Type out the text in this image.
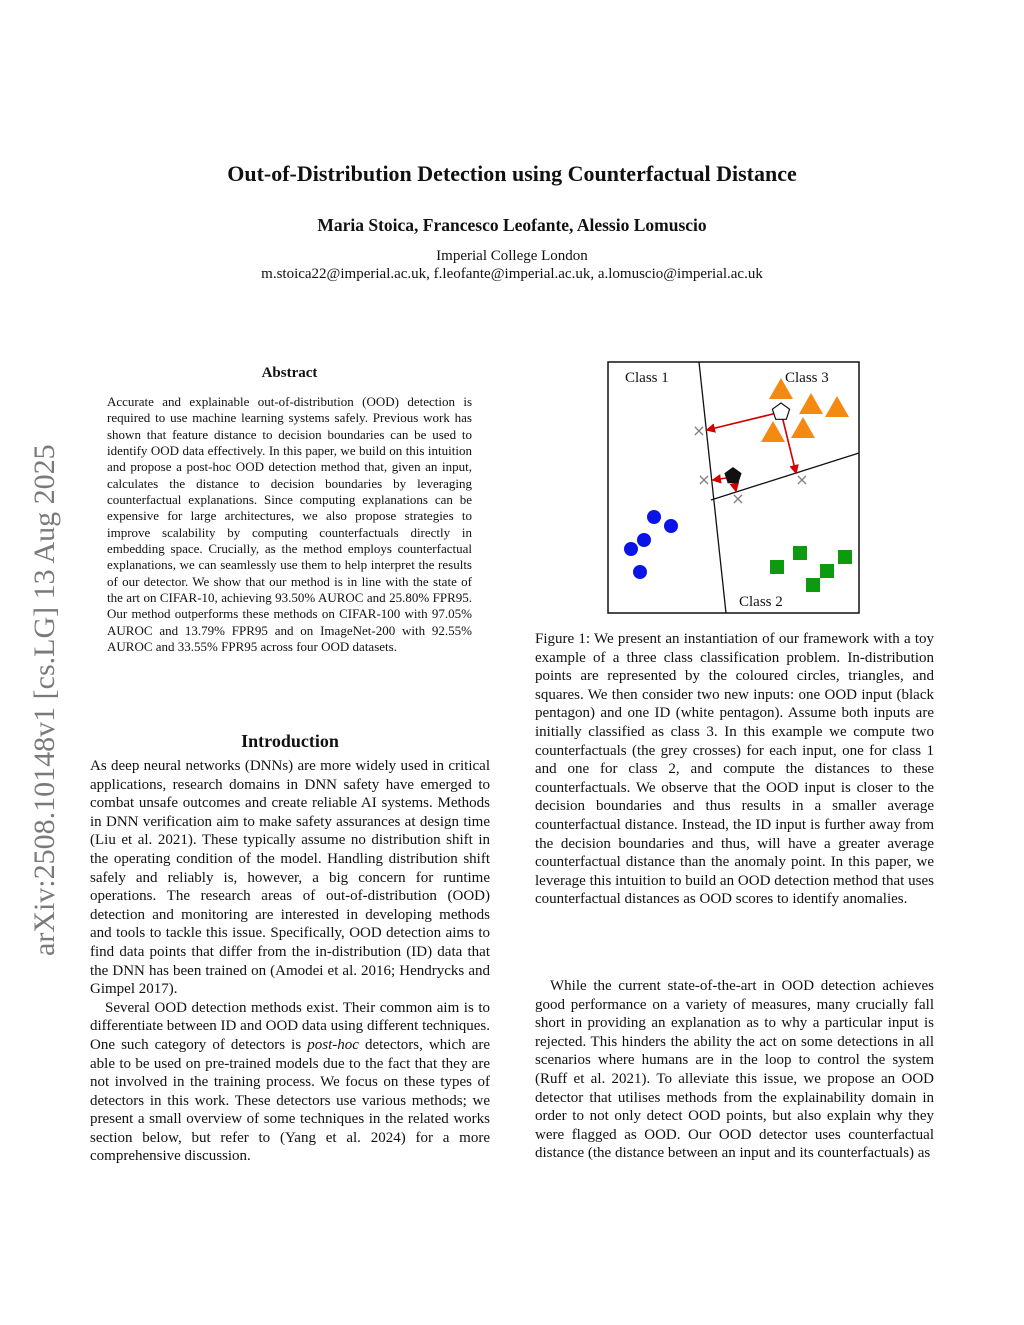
Out-of-Distribution Detection using Counterfactual Distance
Maria Stoica, Francesco Leofante, Alessio Lomuscio
Imperial College London
m.stoica22@imperial.ac.uk, f.leofante@imperial.ac.uk, a.lomuscio@imperial.ac.uk
arXiv:2508.10148v1 [cs.LG] 13 Aug 2025
Abstract
Accurate and explainable out-of-distribution (OOD) detection is required to use machine learning systems safely. Previous work has shown that feature distance to decision boundaries can be used to identify OOD data effectively. In this paper, we build on this intuition and propose a post-hoc OOD detection method that, given an input, calculates the distance to decision boundaries by leveraging counterfactual explanations. Since computing explanations can be expensive for large architectures, we also propose strategies to improve scalability by computing counterfactuals directly in embedding space. Crucially, as the method employs counterfactual explanations, we can seamlessly use them to help interpret the results of our detector. We show that our method is in line with the state of the art on CIFAR-10, achieving 93.50% AUROC and 25.80% FPR95. Our method outperforms these methods on CIFAR-100 with 97.05% AUROC and 13.79% FPR95 and on ImageNet-200 with 92.55% AUROC and 33.55% FPR95 across four OOD datasets.
Introduction

As deep neural networks (DNNs) are more widely used in critical applications, research domains in DNN safety have emerged to combat unsafe outcomes and create reliable AI systems. Methods in DNN verification aim to make safety assurances at design time (Liu et al. 2021). These typically assume no distribution shift in the operating condition of the model. Handling distribution shift safely and reliably is, however, a big concern for runtime operations. The research areas of out-of-distribution (OOD) detection and monitoring are interested in developing methods and tools to tackle this issue. Specifically, OOD detection aims to find data points that differ from the in-distribution (ID) data that the DNN has been trained on (Amodei et al. 2016; Hendrycks and Gimpel 2017).

Several OOD detection methods exist. Their common aim is to differentiate between ID and OOD data using different techniques. One such category of detectors is post-hoc detectors, which are able to be used on pre-trained models due to the fact that they are not involved in the training process. We focus on these types of detectors in this work. These detectors use various methods; we present a small overview of some techniques in the related works section below, but refer to (Yang et al. 2024) for a more comprehensive discussion.

Class 1	Class 3
Class 2
×
×
×
×
Figure 1: We present an instantiation of our framework with a toy example of a three class classification problem. In-distribution points are represented by the coloured circles, triangles, and squares. We then consider two new inputs: one OOD input (black pentagon) and one ID (white pentagon). Assume both inputs are initially classified as class 3. In this example we compute two counterfactuals (the grey crosses) for each input, one for class 1 and one for class 2, and compute the distances to these counterfactuals. We observe that the OOD input is closer to the decision boundaries and thus results in a smaller average counterfactual distance. Instead, the ID input is further away from the decision boundaries and thus, will have a greater average counterfactual distance than the anomaly point. In this paper, we leverage this intuition to build an OOD detection method that uses counterfactual distances as OOD scores to identify anomalies.
While the current state-of-the-art in OOD detection achieves good performance on a variety of measures, many crucially fall short in providing an explanation as to why a particular input is rejected. This hinders the ability the act on some detections in all scenarios where humans are in the loop to control the system (Ruff et al. 2021). To alleviate this issue, we propose an OOD detector that utilises methods from the explainability domain in order to not only detect OOD points, but also explain why they were flagged as OOD. Our OOD detector uses counterfactual distance (the distance between an input and its counterfactuals) as
